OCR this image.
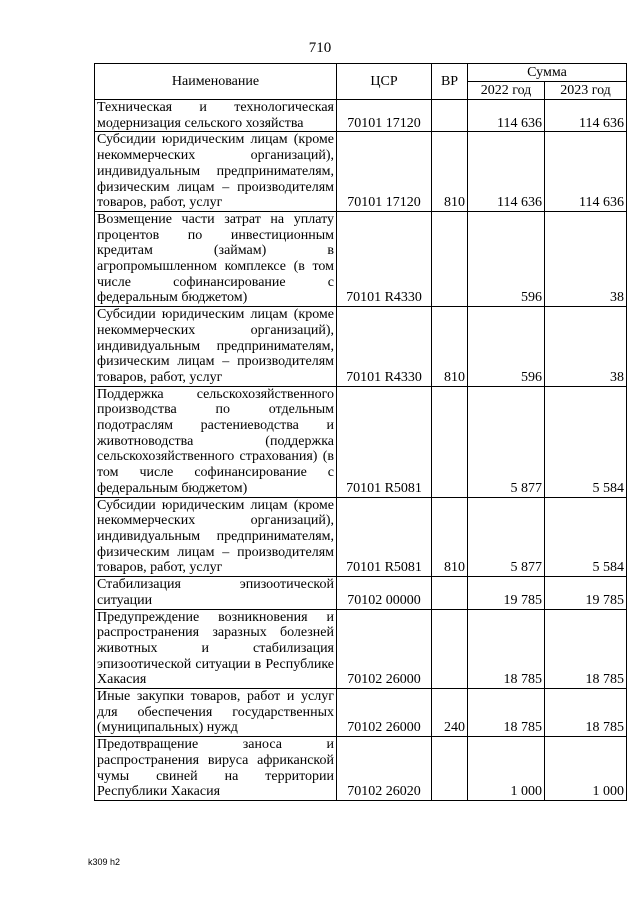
710
Наименование	ЦСР	ВР	Сумма	
			2022 год	2023 год
Техническая и технологическая модернизация сельского хозяйства	70101 17120		114 636	114 636
Субсидии юридическим лицам (кроме некоммерческих организаций), индивидуальным предпринимателям, физическим лицам – производителям товаров, работ, услуг	70101 17120	810	114 636	114 636
Возмещение части затрат на уплату процентов по инвестиционным кредитам (займам) в агропромышленном комплексе (в том числе софинансирование с федеральным бюджетом)	70101 R4330		596	38
Субсидии юридическим лицам (кроме некоммерческих организаций), индивидуальным предпринимателям, физическим лицам – производителям товаров, работ, услуг	70101 R4330	810	596	38
Поддержка сельскохозяйственного производства по отдельным подотраслям растениеводства и животноводства (поддержка сельскохозяйственного страхования) (в том числе софинансирование с федеральным бюджетом)	70101 R5081		5 877	5 584
Субсидии юридическим лицам (кроме некоммерческих организаций), индивидуальным предпринимателям, физическим лицам – производителям товаров, работ, услуг	70101 R5081	810	5 877	5 584
Стабилизация эпизоотической ситуации	70102 00000		19 785	19 785
Предупреждение возникновения и распространения заразных болезней животных и стабилизация эпизоотической ситуации в Республике Хакасия	70102 26000		18 785	18 785
Иные закупки товаров, работ и услуг для обеспечения государственных (муниципальных) нужд	70102 26000	240	18 785	18 785
Предотвращение заноса и распространения вируса африканской чумы свиней на территории Республики Хакасия	70102 26020		1 000	1 000
k309 h2
